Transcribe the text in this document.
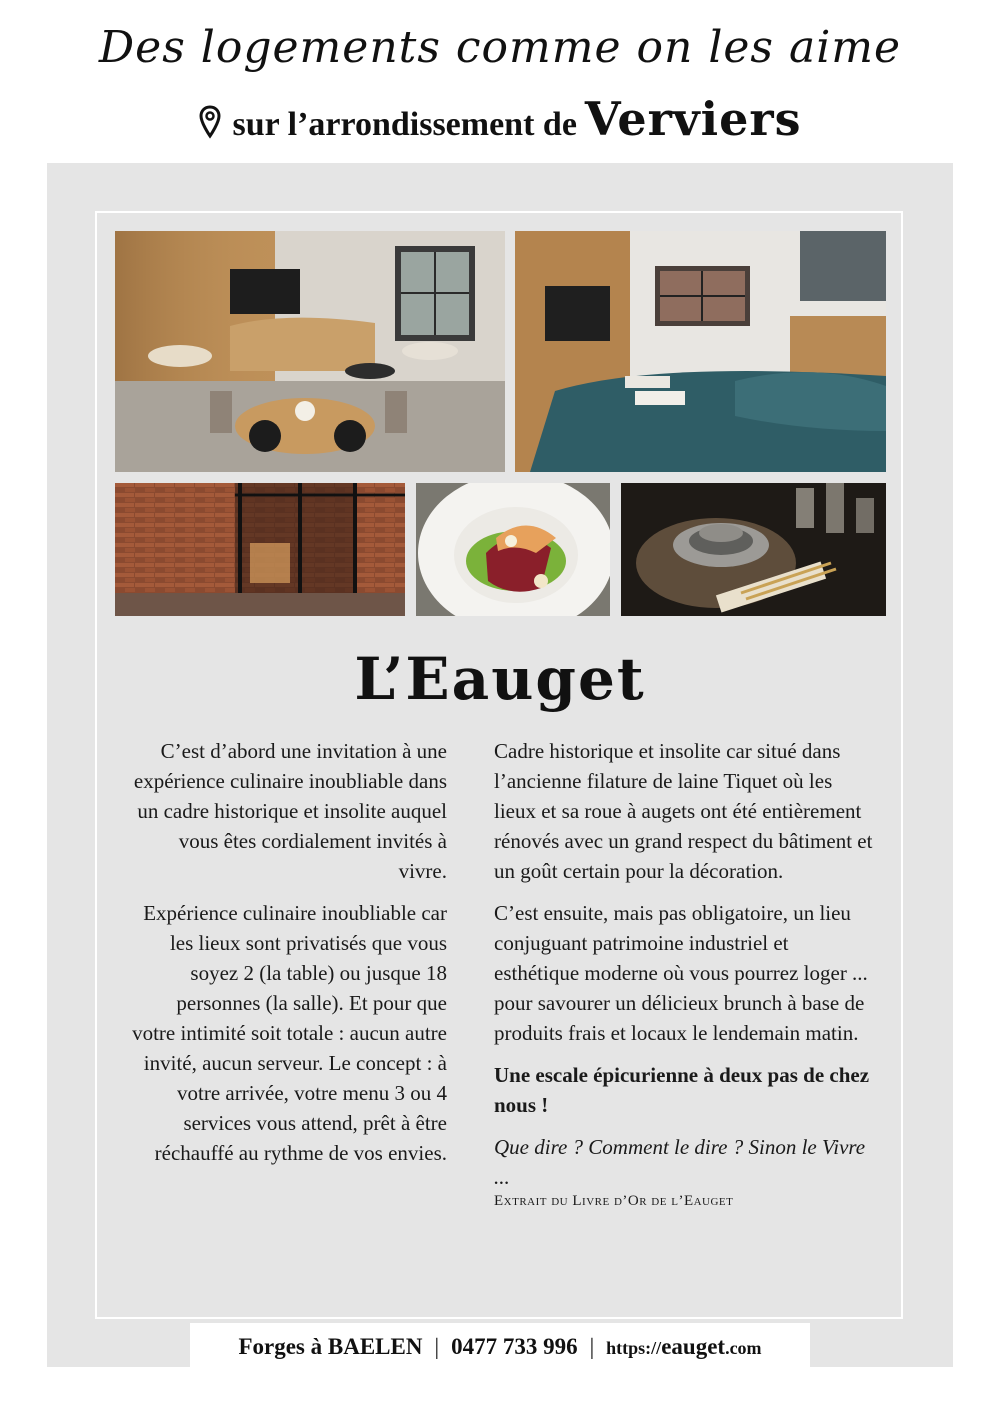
Des logements comme on les aime
sur l’arrondissement de Verviers
L’Eauget

C’est d’abord une invitation à une expérience culinaire inoubliable dans un cadre historique et insolite auquel vous êtes cordialement invités à vivre.

Expérience culinaire inoubliable car les lieux sont privatisés que vous soyez 2 (la table) ou jusque 18 personnes (la salle). Et pour que votre intimité soit totale : aucun autre invité, aucun serveur. Le concept : à votre arrivée, votre menu 3 ou 4 services vous attend, prêt à être réchauffé au rythme de vos envies.

Cadre historique et insolite car situé dans l’ancienne filature de laine Tiquet où les lieux et sa roue à augets ont été entièrement rénovés avec un grand respect du bâtiment et un goût certain pour la décoration.

C’est ensuite, mais pas obligatoire, un lieu conjuguant patrimoine industriel et esthétique moderne où vous pourrez loger ... pour savourer un délicieux brunch à base de produits frais et locaux le lendemain matin.

Une escale épicurienne à deux pas de chez nous !

Que dire ? Comment le dire ? Sinon le Vivre ...

Extrait du Livre d’Or de l’Eauget

Forges à BAELEN | 0477 733 996 | https://eauget.com
